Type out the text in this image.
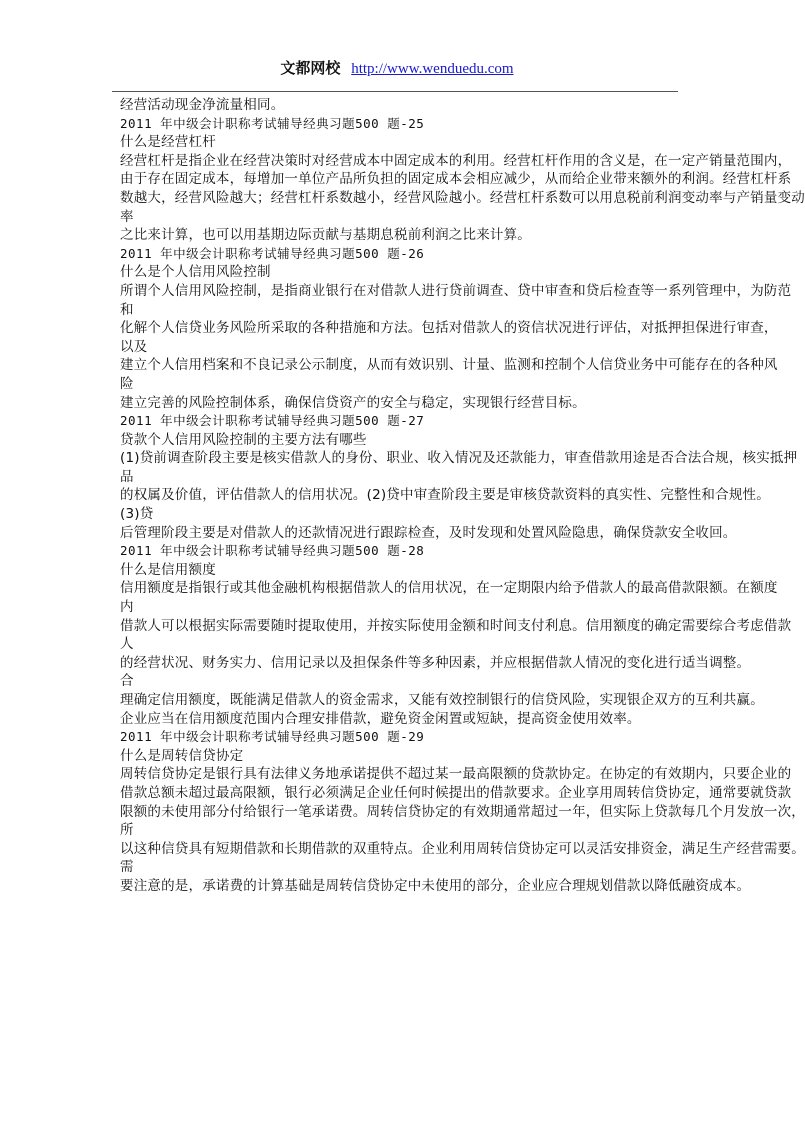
文都网校 http://www.wenduedu.com
经营活动现金净流量相同。
2011 年中级会计职称考试辅导经典习题500 题-25
什么是经营杠杆
经营杠杆是指企业在经营决策时对经营成本中固定成本的利用。经营杠杆作用的含义是，在一定产销量范围内，
由于存在固定成本，每增加一单位产品所负担的固定成本会相应减少，从而给企业带来额外的利润。经营杠杆系
数越大，经营风险越大；经营杠杆系数越小，经营风险越小。经营杠杆系数可以用息税前利润变动率与产销量变动
率
之比来计算，也可以用基期边际贡献与基期息税前利润之比来计算。
2011 年中级会计职称考试辅导经典习题500 题-26
什么是个人信用风险控制
所谓个人信用风险控制，是指商业银行在对借款人进行贷前调查、贷中审查和贷后检查等一系列管理中，为防范
和
化解个人信贷业务风险所采取的各种措施和方法。包括对借款人的资信状况进行评估，对抵押担保进行审查，
以及
建立个人信用档案和不良记录公示制度，从而有效识别、计量、监测和控制个人信贷业务中可能存在的各种风
险
建立完善的风险控制体系，确保信贷资产的安全与稳定，实现银行经营目标。
2011 年中级会计职称考试辅导经典习题500 题-27
贷款个人信用风险控制的主要方法有哪些
(1)贷前调查阶段主要是核实借款人的身份、职业、收入情况及还款能力，审查借款用途是否合法合规，核实抵押
品
的权属及价值，评估借款人的信用状况。(2)贷中审查阶段主要是审核贷款资料的真实性、完整性和合规性。
(3)贷
后管理阶段主要是对借款人的还款情况进行跟踪检查，及时发现和处置风险隐患，确保贷款安全收回。
2011 年中级会计职称考试辅导经典习题500 题-28
什么是信用额度
信用额度是指银行或其他金融机构根据借款人的信用状况，在一定期限内给予借款人的最高借款限额。在额度
内
借款人可以根据实际需要随时提取使用，并按实际使用金额和时间支付利息。信用额度的确定需要综合考虑借款
人
的经营状况、财务实力、信用记录以及担保条件等多种因素，并应根据借款人情况的变化进行适当调整。
合
理确定信用额度，既能满足借款人的资金需求，又能有效控制银行的信贷风险，实现银企双方的互利共赢。
企业应当在信用额度范围内合理安排借款，避免资金闲置或短缺，提高资金使用效率。
2011 年中级会计职称考试辅导经典习题500 题-29
什么是周转信贷协定
周转信贷协定是银行具有法律义务地承诺提供不超过某一最高限额的贷款协定。在协定的有效期内，只要企业的
借款总额未超过最高限额，银行必须满足企业任何时候提出的借款要求。企业享用周转信贷协定，通常要就贷款
限额的未使用部分付给银行一笔承诺费。周转信贷协定的有效期通常超过一年，但实际上贷款每几个月发放一次，
所
以这种信贷具有短期借款和长期借款的双重特点。企业利用周转信贷协定可以灵活安排资金，满足生产经营需要。
需
要注意的是，承诺费的计算基础是周转信贷协定中未使用的部分，企业应合理规划借款以降低融资成本。
